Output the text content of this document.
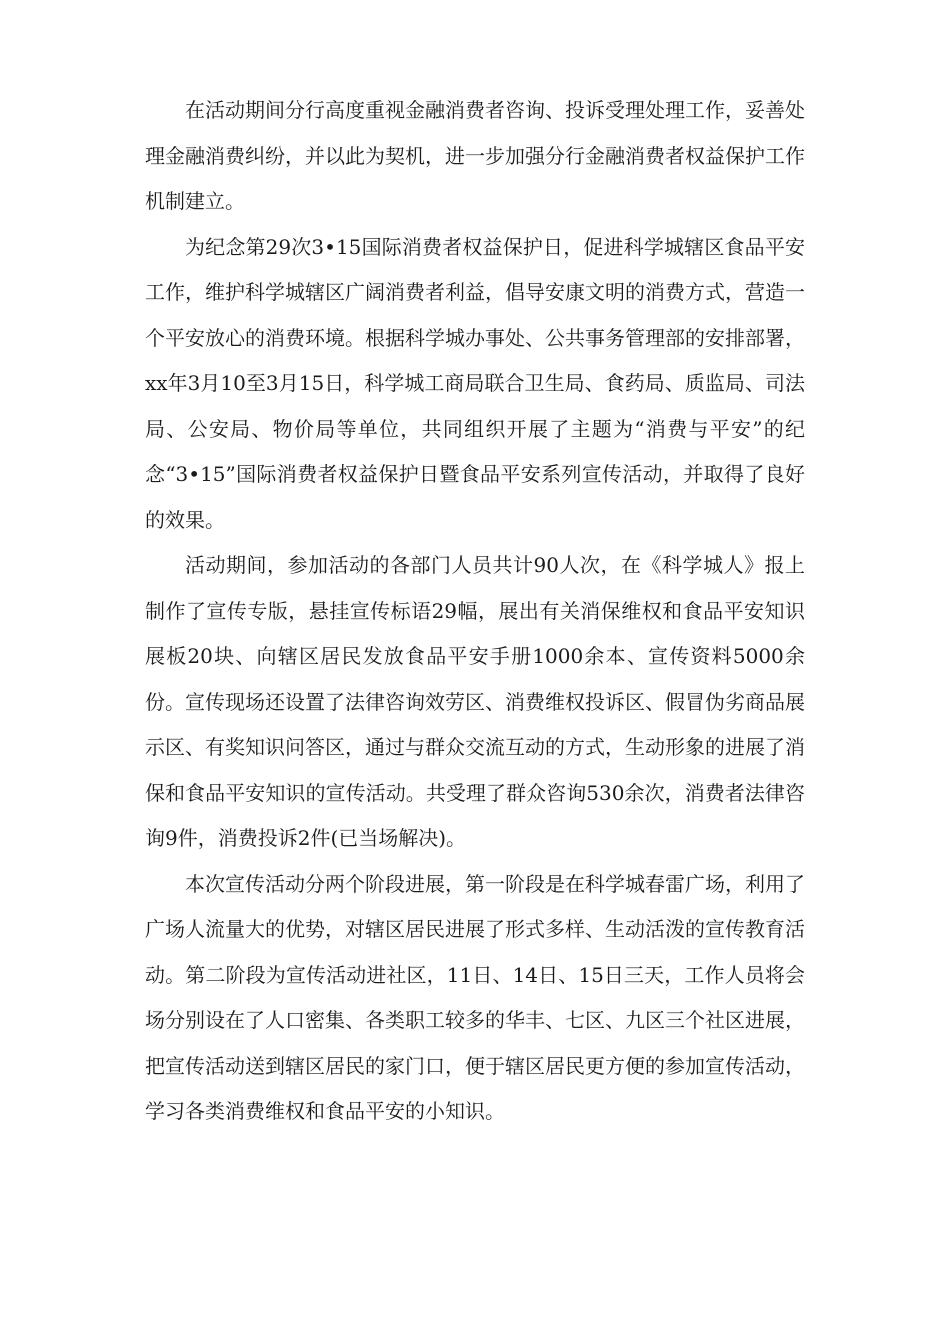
在活动期间分行高度重视金融消费者咨询、投诉受理处理工作，妥善处理金融消费纠纷，并以此为契机，进一步加强分行金融消费者权益保护工作机制建立。

为纪念第29次3•15国际消费者权益保护日，促进科学城辖区食品平安工作，维护科学城辖区广阔消费者利益，倡导安康文明的消费方式，营造一个平安放心的消费环境。根据科学城办事处、公共事务管理部的安排部署，xx年3月10至3月15日，科学城工商局联合卫生局、食药局、质监局、司法局、公安局、物价局等单位，共同组织开展了主题为“消费与平安”的纪念“3•15”国际消费者权益保护日暨食品平安系列宣传活动，并取得了良好的效果。

活动期间，参加活动的各部门人员共计90人次，在《科学城人》报上制作了宣传专版，悬挂宣传标语29幅，展出有关消保维权和食品平安知识展板20块、向辖区居民发放食品平安手册1000余本、宣传资料5000余份。宣传现场还设置了法律咨询效劳区、消费维权投诉区、假冒伪劣商品展示区、有奖知识问答区，通过与群众交流互动的方式，生动形象的进展了消保和食品平安知识的宣传活动。共受理了群众咨询530余次，消费者法律咨询9件，消费投诉2件(已当场解决)。

本次宣传活动分两个阶段进展，第一阶段是在科学城春雷广场，利用了广场人流量大的优势，对辖区居民进展了形式多样、生动活泼的宣传教育活动。第二阶段为宣传活动进社区，11日、14日、15日三天，工作人员将会场分别设在了人口密集、各类职工较多的华丰、七区、九区三个社区进展，把宣传活动送到辖区居民的家门口，便于辖区居民更方便的参加宣传活动，学习各类消费维权和食品平安的小知识。
